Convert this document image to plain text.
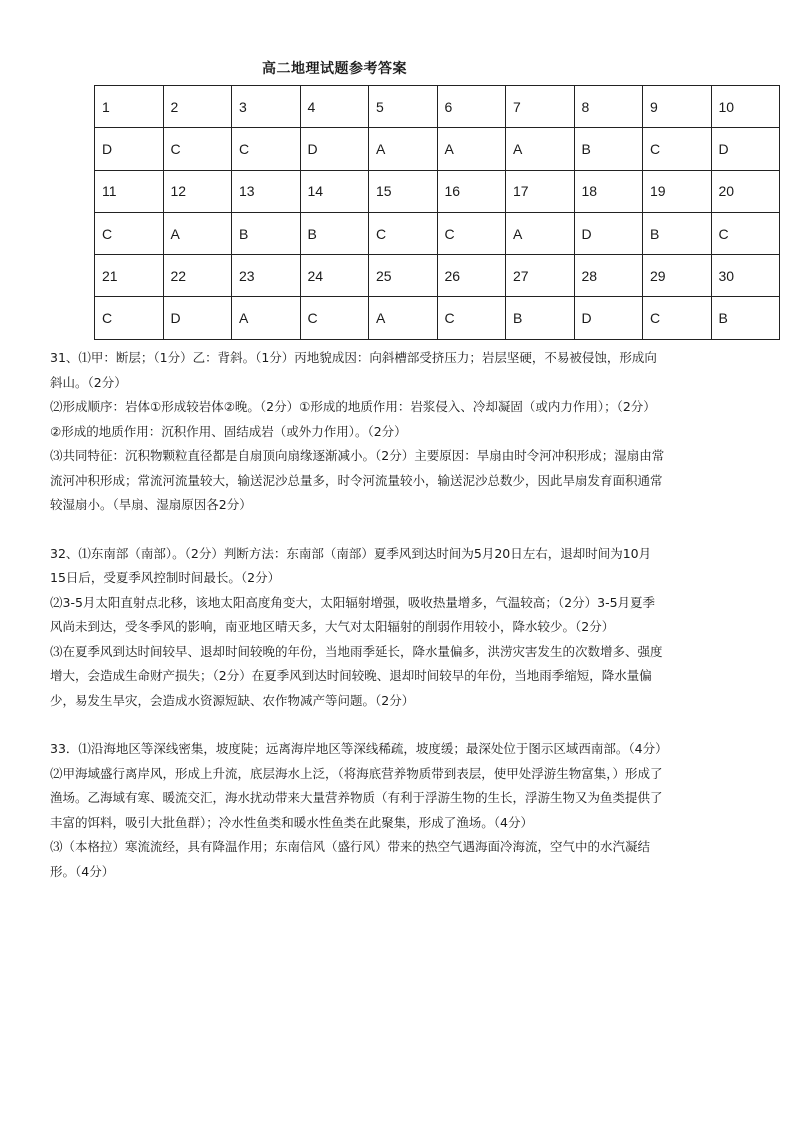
高二地理试题参考答案
1	2	3	4	5	6	7	8	9	10
D	C	C	D	A	A	A	B	C	D
11	12	13	14	15	16	17	18	19	20
C	A	B	B	C	C	A	D	B	C
21	22	23	24	25	26	27	28	29	30
C	D	A	C	A	C	B	D	C	B

31、⑴甲：断层；（1分）乙：背斜。（1分）丙地貌成因：向斜槽部受挤压力；岩层坚硬，不易被侵蚀，形成向

斜山。（2分）

⑵形成顺序：岩体①形成较岩体②晚。（2分）①形成的地质作用：岩浆侵入、冷却凝固（或内力作用）；（2分）

②形成的地质作用：沉积作用、固结成岩（或外力作用）。（2分）

⑶共同特征：沉积物颗粒直径都是自扇顶向扇缘逐渐减小。（2分）主要原因：旱扇由时令河冲积形成；湿扇由常

流河冲积形成；常流河流量较大，输送泥沙总量多，时令河流量较小，输送泥沙总数少，因此旱扇发育面积通常

较湿扇小。（旱扇、湿扇原因各2分）

32、⑴东南部（南部）。（2分）判断方法：东南部（南部）夏季风到达时间为5月20日左右，退却时间为10月

15日后，受夏季风控制时间最长。（2分）

⑵3-5月太阳直射点北移，该地太阳高度角变大，太阳辐射增强，吸收热量增多，气温较高；（2分）3-5月夏季

风尚未到达，受冬季风的影响，南亚地区晴天多，大气对太阳辐射的削弱作用较小，降水较少。（2分）

⑶在夏季风到达时间较早、退却时间较晚的年份，当地雨季延长，降水量偏多，洪涝灾害发生的次数增多、强度

增大，会造成生命财产损失；（2分）在夏季风到达时间较晚、退却时间较早的年份，当地雨季缩短，降水量偏

少，易发生旱灾，会造成水资源短缺、农作物减产等问题。（2分）

33．⑴沿海地区等深线密集，坡度陡；远离海岸地区等深线稀疏，坡度缓；最深处位于图示区域西南部。（4分）

⑵甲海域盛行离岸风，形成上升流，底层海水上泛，（将海底营养物质带到表层，使甲处浮游生物富集，）形成了

渔场。乙海域有寒、暖流交汇，海水扰动带来大量营养物质（有利于浮游生物的生长，浮游生物又为鱼类提供了

丰富的饵料，吸引大批鱼群）；冷水性鱼类和暖水性鱼类在此聚集，形成了渔场。（4分）

⑶（本格拉）寒流流经，具有降温作用；东南信风（盛行风）带来的热空气遇海面冷海流，空气中的水汽凝结

形。（4分）
